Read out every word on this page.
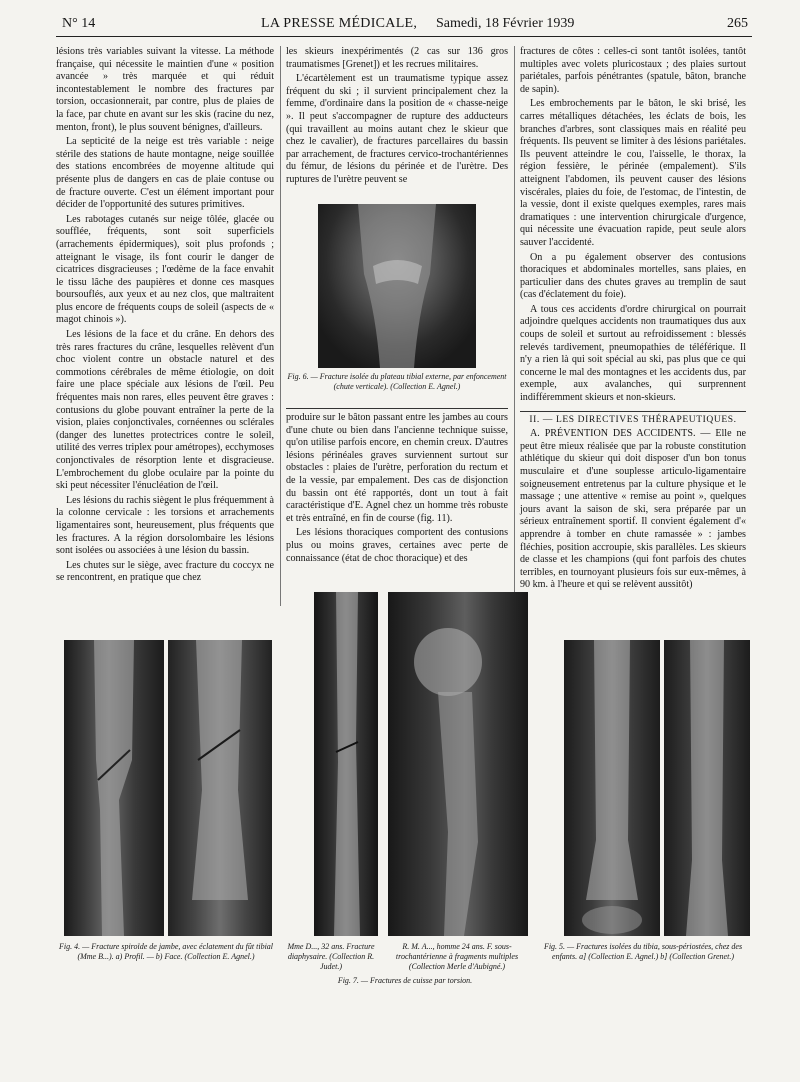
N° 14	LA PRESSE MÉDICALE, Samedi, 18 Février 1939	265

lésions très variables suivant la vitesse. La méthode française, qui nécessite le maintien d'une « position avancée » très marquée et qui réduit incontestablement le nombre des fractures par torsion, occasionnerait, par contre, plus de plaies de la face, par chute en avant sur les skis (racine du nez, menton, front), le plus souvent bénignes, d'ailleurs.

La septicité de la neige est très variable : neige stérile des stations de haute montagne, neige souillée des stations encombrées de moyenne altitude qui présente plus de dangers en cas de plaie contuse ou de fracture ouverte. C'est un élément important pour décider de l'opportunité des sutures primitives.

Les rabotages cutanés sur neige tôlée, glacée ou soufflée, fréquents, sont soit superficiels (arrachements épidermiques), soit plus profonds ; atteignant le visage, ils font courir le danger de cicatrices disgracieuses ; l'œdème de la face envahit le tissu lâche des paupières et donne ces masques boursouflés, aux yeux et au nez clos, que maltraitent plus encore de fréquents coups de soleil (aspects de « magot chinois »).

Les lésions de la face et du crâne. En dehors des très rares fractures du crâne, lesquelles relèvent d'un choc violent contre un obstacle naturel et des commotions cérébrales de même étiologie, on doit faire une place spéciale aux lésions de l'œil. Peu fréquentes mais non rares, elles peuvent être graves : contusions du globe pouvant entraîner la perte de la vision, plaies conjonctivales, cornéennes ou sclérales (danger des lunettes protectrices contre le soleil, utilité des verres triplex pour amétropes), ecchymoses conjonctivales de résorption lente et disgracieuse. L'embrochement du globe oculaire par la pointe du ski peut nécessiter l'énucléation de l'œil.

Les lésions du rachis siègent le plus fréquemment à la colonne cervicale : les torsions et arrachements ligamentaires sont, heureusement, plus fréquents que les fractures. A la région dorsolombaire les lésions sont isolées ou associées à une lésion du bassin.

Les chutes sur le siège, avec fracture du coccyx ne se rencontrent, en pratique que chez

les skieurs inexpérimentés (2 cas sur 136 gros traumatismes [Grenet]) et les recrues militaires.

L'écartèlement est un traumatisme typique assez fréquent du ski ; il survient principalement chez la femme, d'ordinaire dans la position de « chasse-neige ». Il peut s'accompagner de rupture des adducteurs (qui travaillent au moins autant chez le skieur que chez le cavalier), de fractures parcellaires du bassin par arrachement, de fractures cervico-trochantériennes du fémur, de lésions du périnée et de l'urètre. Des ruptures de l'urètre peuvent se

Fig. 6. — Fracture isolée du plateau tibial externe, par enfoncement (chute verticale). (Collection E. Agnel.)

produire sur le bâton passant entre les jambes au cours d'une chute ou bien dans l'ancienne technique suisse, qu'on utilise parfois encore, en chemin creux. D'autres lésions périnéales graves surviennent surtout sur obstacles : plaies de l'urètre, perforation du rectum et de la vessie, par empalement. Des cas de disjonction du bassin ont été rapportés, dont un tout à fait caractéristique d'E. Agnel chez un homme très robuste et très entraîné, en fin de course (fig. 11).

Les lésions thoraciques comportent des contusions plus ou moins graves, certaines avec perte de connaissance (état de choc thoracique) et des

fractures de côtes : celles-ci sont tantôt isolées, tantôt multiples avec volets pluricostaux ; des plaies surtout pariétales, parfois pénétrantes (spatule, bâton, branche de sapin).

Les embrochements par le bâton, le ski brisé, les carres métalliques détachées, les éclats de bois, les branches d'arbres, sont classiques mais en réalité peu fréquents. Ils peuvent se limiter à des lésions pariétales. Ils peuvent atteindre le cou, l'aisselle, le thorax, la région fessière, le périnée (empalement). S'ils atteignent l'abdomen, ils peuvent causer des lésions viscérales, plaies du foie, de l'estomac, de l'intestin, de la vessie, dont il existe quelques exemples, rares mais dramatiques : une intervention chirurgicale d'urgence, qui nécessite une évacuation rapide, peut seule alors sauver l'accidenté.

On a pu également observer des contusions thoraciques et abdominales mortelles, sans plaies, en particulier dans des chutes graves au tremplin de saut (cas d'éclatement du foie).

A tous ces accidents d'ordre chirurgical on pourrait adjoindre quelques accidents non traumatiques dus aux coups de soleil et surtout au refroidissement : blessés relevés tardivement, pneumopathies de téléférique. Il n'y a rien là qui soit spécial au ski, pas plus que ce qui concerne le mal des montagnes et les accidents dus, par exemple, aux avalanches, qui surprennent indifféremment skieurs et non-skieurs.

II. — LES DIRECTIVES THÉRAPEUTIQUES.

A. PRÉVENTION DES ACCIDENTS. — Elle ne peut être mieux réalisée que par la robuste constitution athlétique du skieur qui doit disposer d'un bon tonus musculaire et d'une souplesse articulo-ligamentaire soigneusement entretenus par la culture physique et le massage ; une attentive « remise au point », quelques jours avant la saison de ski, sera préparée par un sérieux entraînement sportif. Il convient également d'« apprendre à tomber en chute ramassée » : jambes fléchies, position accroupie, skis parallèles. Les skieurs de classe et les champions (qui font parfois des chutes terribles, en tournoyant plusieurs fois sur eux-mêmes, à 90 km. à l'heure et qui se relèvent aussitôt)

Fig. 4. — Fracture spiroïde de jambe, avec éclatement du fût tibial (Mme B...). a) Profil. — b) Face. (Collection E. Agnel.)
Mme D..., 32 ans. Fracture diaphysaire. (Collection R. Judet.)
R. M. A..., homme 24 ans. F. sous-trochantérienne à fragments multiples (Collection Merle d'Aubigné.)
Fig. 7. — Fractures de cuisse par torsion.
Fig. 5. — Fractures isolées du tibia, sous-périostées, chez des enfants. a] (Collection E. Agnel.) b] (Collection Grenet.)
